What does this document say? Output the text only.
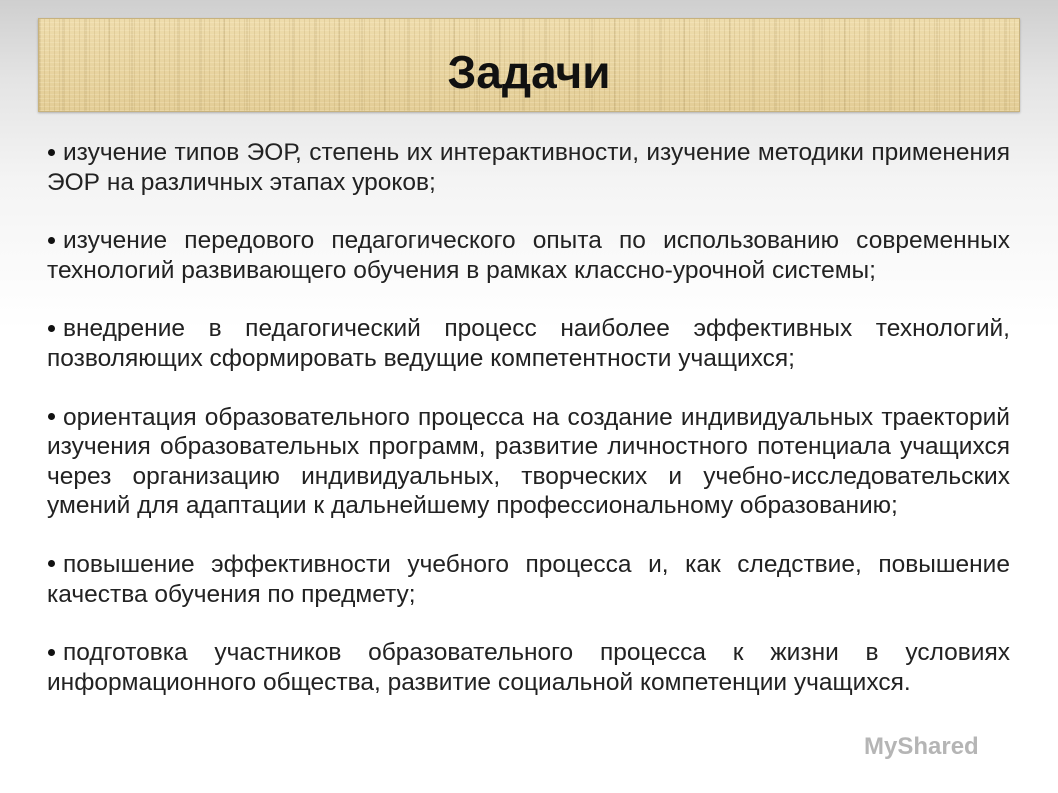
Задачи
изучение типов ЭОР, степень их интерактивности, изучение методики применения ЭОР на различных этапах уроков;
изучение передового педагогического опыта по использованию современных технологий развивающего обучения в рамках классно-урочной системы;
внедрение в педагогический процесс наиболее эффективных технологий, позволяющих сформировать ведущие компетентности учащихся;
ориентация образовательного процесса на создание индивидуальных траекторий изучения образовательных программ, развитие личностного потенциала учащихся через организацию индивидуальных, творческих и учебно-исследовательских умений для адаптации к дальнейшему профессиональному образованию;
повышение эффективности учебного процесса и, как следствие, повышение качества обучения по предмету;
подготовка участников образовательного процесса к жизни в условиях информационного общества, развитие социальной компетенции учащихся.
MyShared
